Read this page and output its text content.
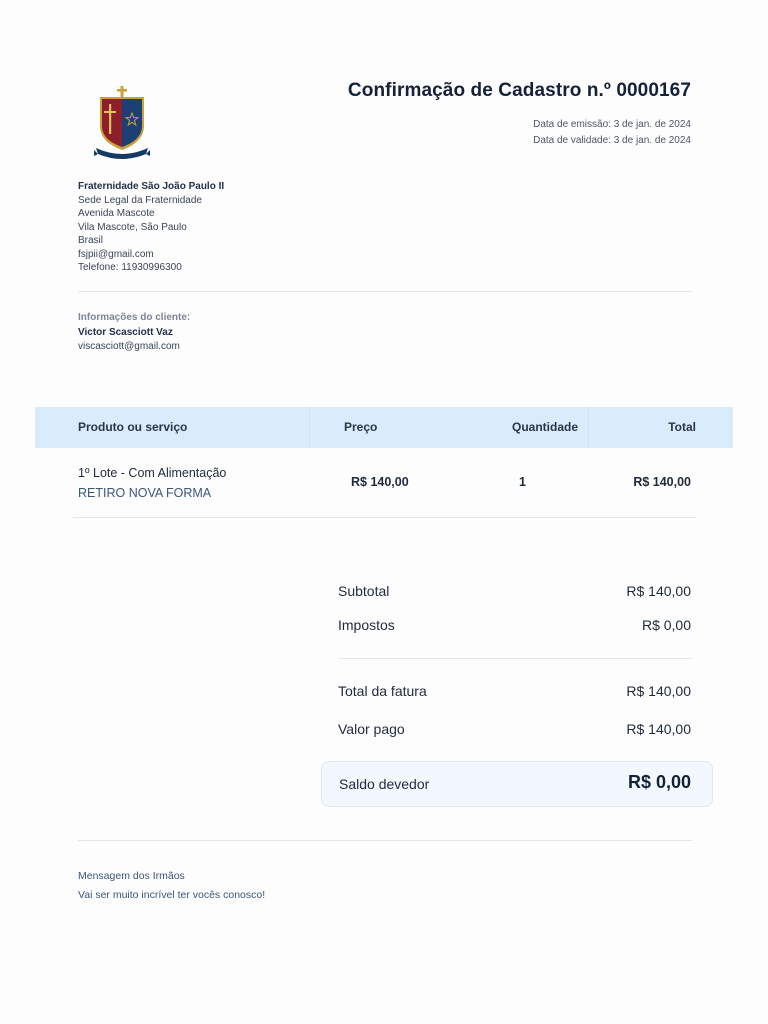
Confirmação de Cadastro n.º 0000167
Data de emissão: 3 de jan. de 2024
Data de validade: 3 de jan. de 2024
Fraternidade São João Paulo II
Sede Legal da Fraternidade
Avenida Mascote
Vila Mascote, São Paulo
Brasil
fsjpii@gmail.com
Telefone: 11930996300
Informações do cliente:
Victor Scasciott Vaz
viscasciott@gmail.com
Produto ou serviço	Preço	Quantidade	Total
1º Lote - Com Alimentação
RETIRO NOVA FORMA
R$ 140,00	1	R$ 140,00
Subtotal	R$ 140,00
Impostos	R$ 0,00
Total da fatura	R$ 140,00
Valor pago	R$ 140,00
Saldo devedor	R$ 0,00
Mensagem dos Irmãos
Vai ser muito incrível ter vocês conosco!
